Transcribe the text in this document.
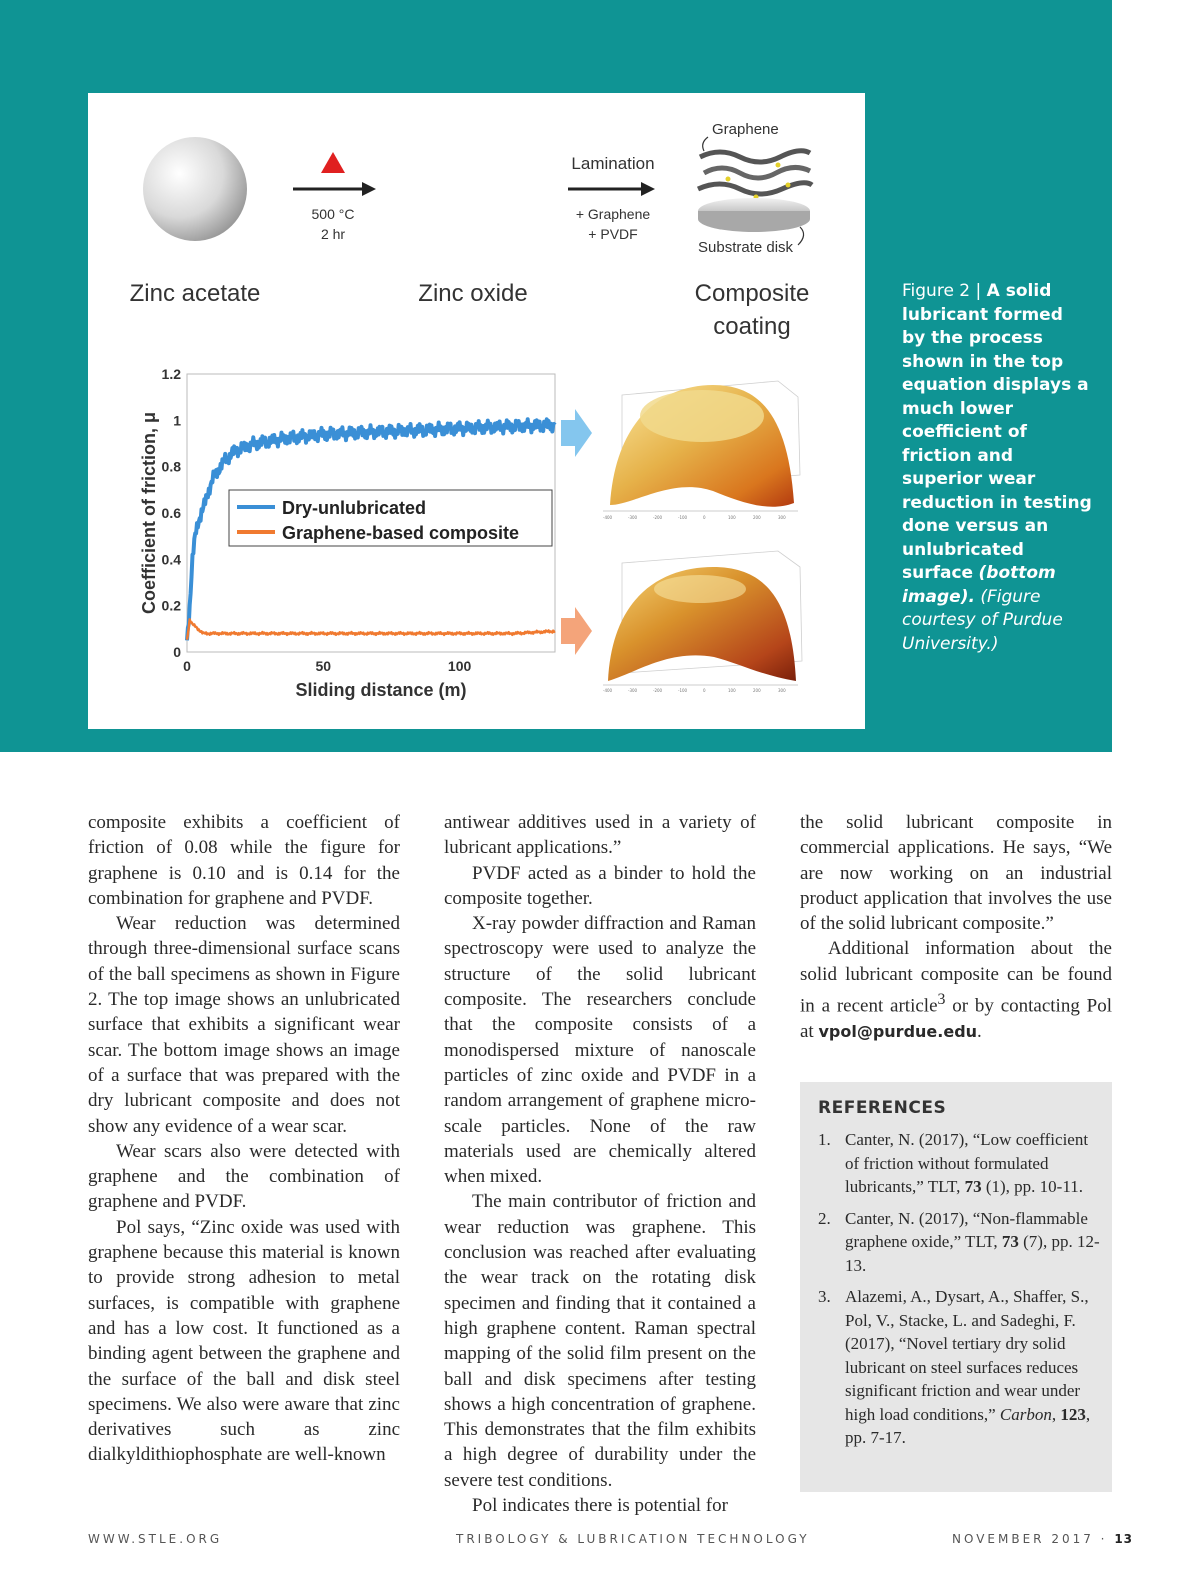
500 °C
2 hr
Lamination
+ Graphene
+ PVDF
Graphene
Substrate disk
Zinc acetate	Zinc oxide	Composite
coating
0
0.2
0.4
0.6
0.8
1
1.2
0	50	100
Sliding distance (m)
Coefficient of friction, μ	Dry-unlubricated
Graphene-based composite
-400	-300	-200	-100	0	100	200	300
-400	-300	-200	-100	0	100	200	300
Figure 2 | A solid lubricant formed by the process shown in the top equation displays a much lower coefficient of friction and superior wear reduction in testing done versus an unlubricated surface (bottom image). (Figure courtesy of Purdue University.)

composite exhibits a coefficient of friction of 0.08 while the figure for graphene is 0.10 and is 0.14 for the combination for graphene and PVDF.

Wear reduction was determined through three-dimensional surface scans of the ball specimens as shown in Figure 2. The top image shows an unlubricated surface that exhibits a significant wear scar. The bottom image shows an image of a surface that was prepared with the dry lubricant composite and does not show any evidence of a wear scar.

Wear scars also were detected with graphene and the combination of graphene and PVDF.

Pol says, “Zinc oxide was used with graphene because this material is known to provide strong adhesion to metal surfaces, is compatible with graphene and has a low cost. It functioned as a binding agent between the graphene and the surface of the ball and disk steel specimens. We also were aware that zinc derivatives such as zinc dialkyldithiophosphate are well-known

antiwear additives used in a variety of lubricant applications.”

PVDF acted as a binder to hold the composite together.

X-ray powder diffraction and Raman spectroscopy were used to analyze the structure of the solid lubricant composite. The researchers conclude that the composite consists of a monodispersed mixture of nanoscale particles of zinc oxide and PVDF in a random arrangement of graphene micro-scale particles. None of the raw materials used are chemically altered when mixed.

The main contributor of friction and wear reduction was graphene. This conclusion was reached after evaluating the wear track on the rotating disk specimen and finding that it contained a high graphene content. Raman spectral mapping of the solid film present on the ball and disk specimens after testing shows a high concentration of graphene. This demonstrates that the film exhibits a high degree of durability under the severe test conditions.

Pol indicates there is potential for

the solid lubricant composite in commercial applications. He says, “We are now working on an industrial product application that involves the use of the solid lubricant composite.”

Additional information about the solid lubricant composite can be found in a recent article$^3$ or by contacting Pol at vpol@purdue.edu.

REFERENCES
1. Canter, N. (2017), “Low coefficient of friction without formulated lubricants,” TLT, 73 (1), pp. 10-11.
2. Canter, N. (2017), “Non-flammable graphene oxide,” TLT, 73 (7), pp. 12-13.
3. Alazemi, A., Dysart, A., Shaffer, S., Pol, V., Stacke, L. and Sadeghi, F. (2017), “Novel tertiary dry solid lubricant on steel surfaces reduces significant friction and wear under high load conditions,” Carbon, 123, pp. 7-17.
WWW.STLE.ORG	TRIBOLOGY & LUBRICATION TECHNOLOGY	NOVEMBER 2017 · 13
